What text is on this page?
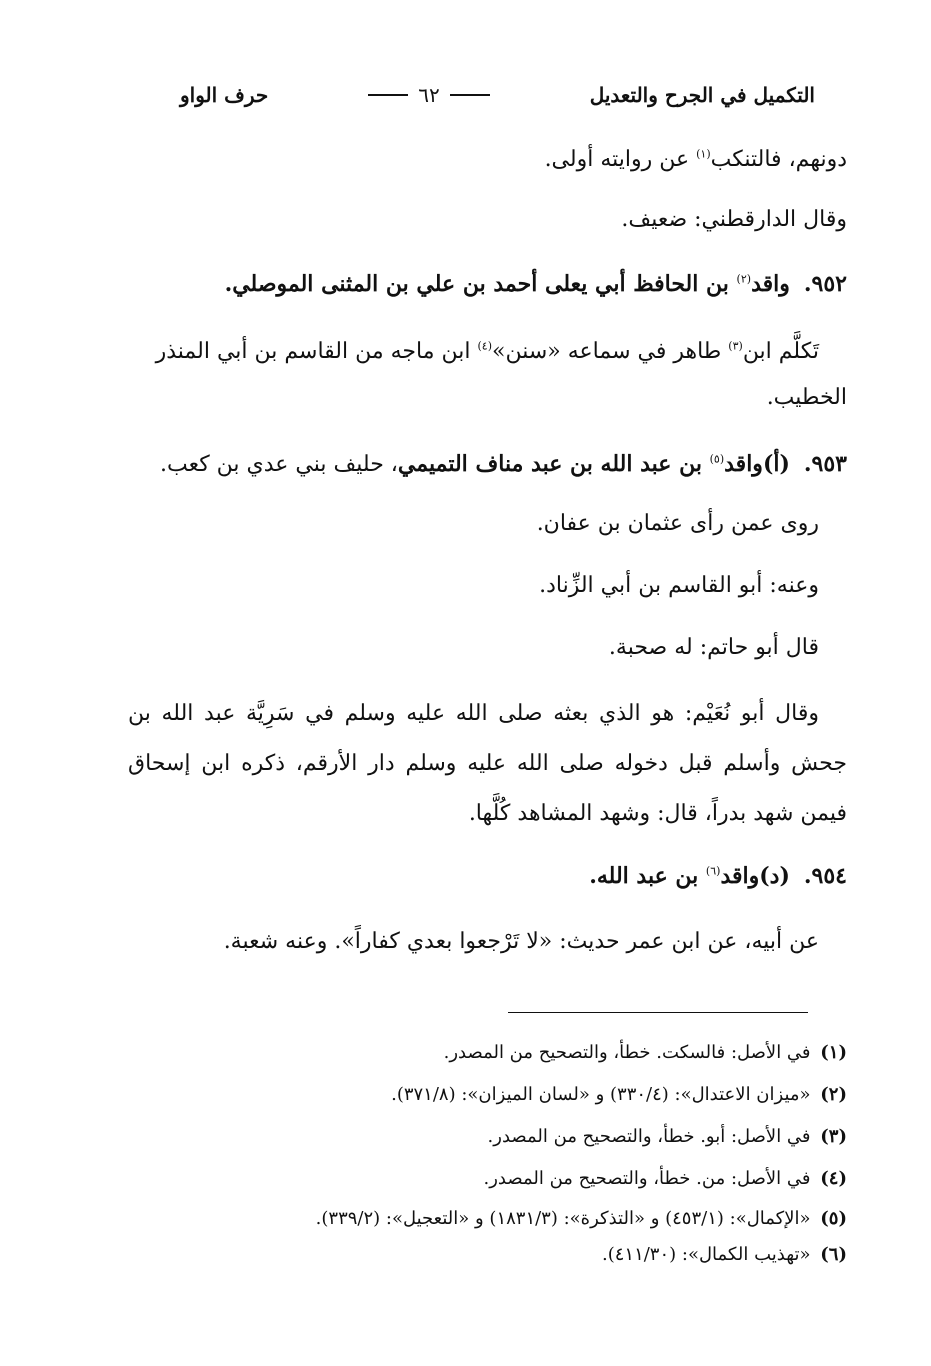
التكميل في الجرح والتعديل
٦٢
حرف الواو
دونهم، فالتنكب$^{(١)}$ عن روايته أولى.
وقال الدارقطني: ضعيف.
٩٥٢.واقد$^{(٢)}$ بن الحافظ أبي يعلى أحمد بن علي بن المثنى الموصلي.
تَكلَّم ابن$^{(٣)}$ طاهر في سماعه «سنن»$^{(٤)}$ ابن ماجه من القاسم بن أبي المنذر
الخطيب.
٩٥٣.(أ)واقد$^{(٥)}$ بن عبد الله بن عبد مناف التميمي، حليف بني عدي بن كعب.
روى عمن رأى عثمان بن عفان.
وعنه: أبو القاسم بن أبي الزِّناد.
قال أبو حاتم: له صحبة.
وقال أبو نُعَيْم: هو الذي بعثه صلى الله عليه وسلم في سَرِيَّة عبد الله بن
جحش وأسلم قبل دخوله صلى الله عليه وسلم دار الأرقم، ذكره ابن إسحاق
فيمن شهد بدراً، قال: وشهد المشاهد كُلَّها.
٩٥٤.(د)واقد$^{(٦)}$ بن عبد الله.
عن أبيه، عن ابن عمر حديث: «لا تَرْجعوا بعدي كفاراً». وعنه شعبة.
(١) في الأصل: فالسكت. خطأ، والتصحيح من المصدر.
(٢) «ميزان الاعتدال»: (٣٣٠/٤) و «لسان الميزان»: (٣٧١/٨).
(٣) في الأصل: أبو. خطأ، والتصحيح من المصدر.
(٤) في الأصل: من. خطأ، والتصحيح من المصدر.
(٥) «الإكمال»: (٤٥٣/١) و «التذكرة»: (١٨٣١/٣) و «التعجيل»: (٣٣٩/٢).
(٦) «تهذيب الكمال»: (٤١١/٣٠).
